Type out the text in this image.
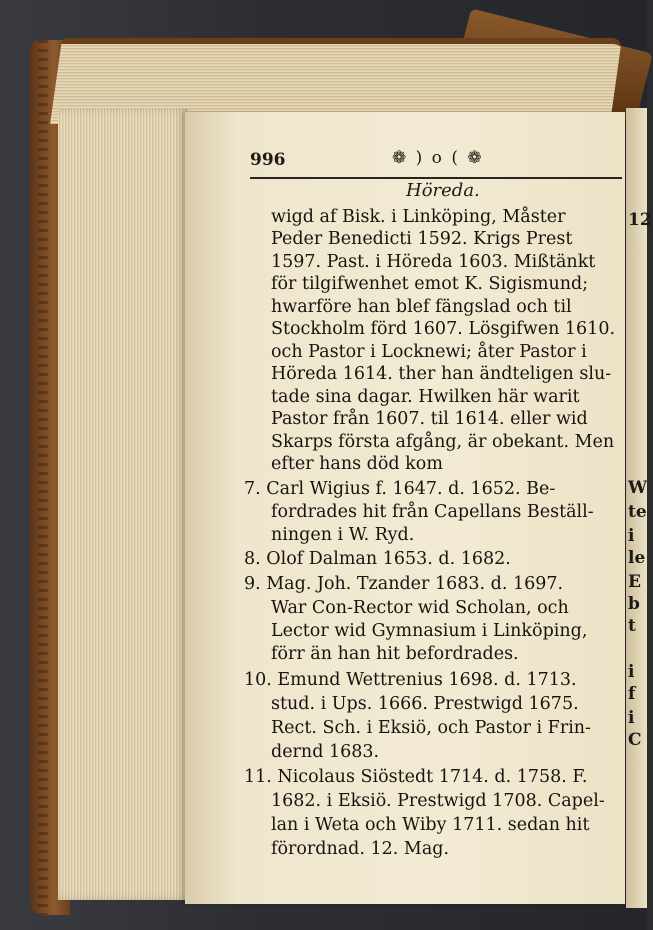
12
W
te
i
le
E
b
t
i
f
i
C
996	❁ ) o ( ❁
Höreda.
wigd af Bisk. i Linköping, Måster
Peder Benedicti 1592. Krigs Prest
1597. Past. i Höreda 1603. Mißtänkt
för tilgifwenhet emot K. Sigismund;
hwarföre han blef fängslad och til
Stockholm förd 1607. Lösgifwen 1610.
och Pastor i Locknewi; åter Pastor i
Höreda 1614. ther han ändteligen slu-
tade sina dagar. Hwilken här warit
Pastor från 1607. til 1614. eller wid
Skarps första afgång, är obekant. Men
efter hans död kom
7. Carl Wigius f. 1647. d. 1652. Be-
fordrades hit från Capellans Beställ-
ningen i W. Ryd.
8. Olof Dalman 1653. d. 1682.
9. Mag. Joh. Tzander 1683. d. 1697.
War Con-Rector wid Scholan, och
Lector wid Gymnasium i Linköping,
förr än han hit befordrades.
10. Emund Wettrenius 1698. d. 1713.
stud. i Ups. 1666. Prestwigd 1675.
Rect. Sch. i Eksiö, och Pastor i Frin-
dernd 1683.
11. Nicolaus Siöstedt 1714. d. 1758. F.
1682. i Eksiö. Prestwigd 1708. Capel-
lan i Weta och Wiby 1711. sedan hit
förordnad. 12. Mag.
